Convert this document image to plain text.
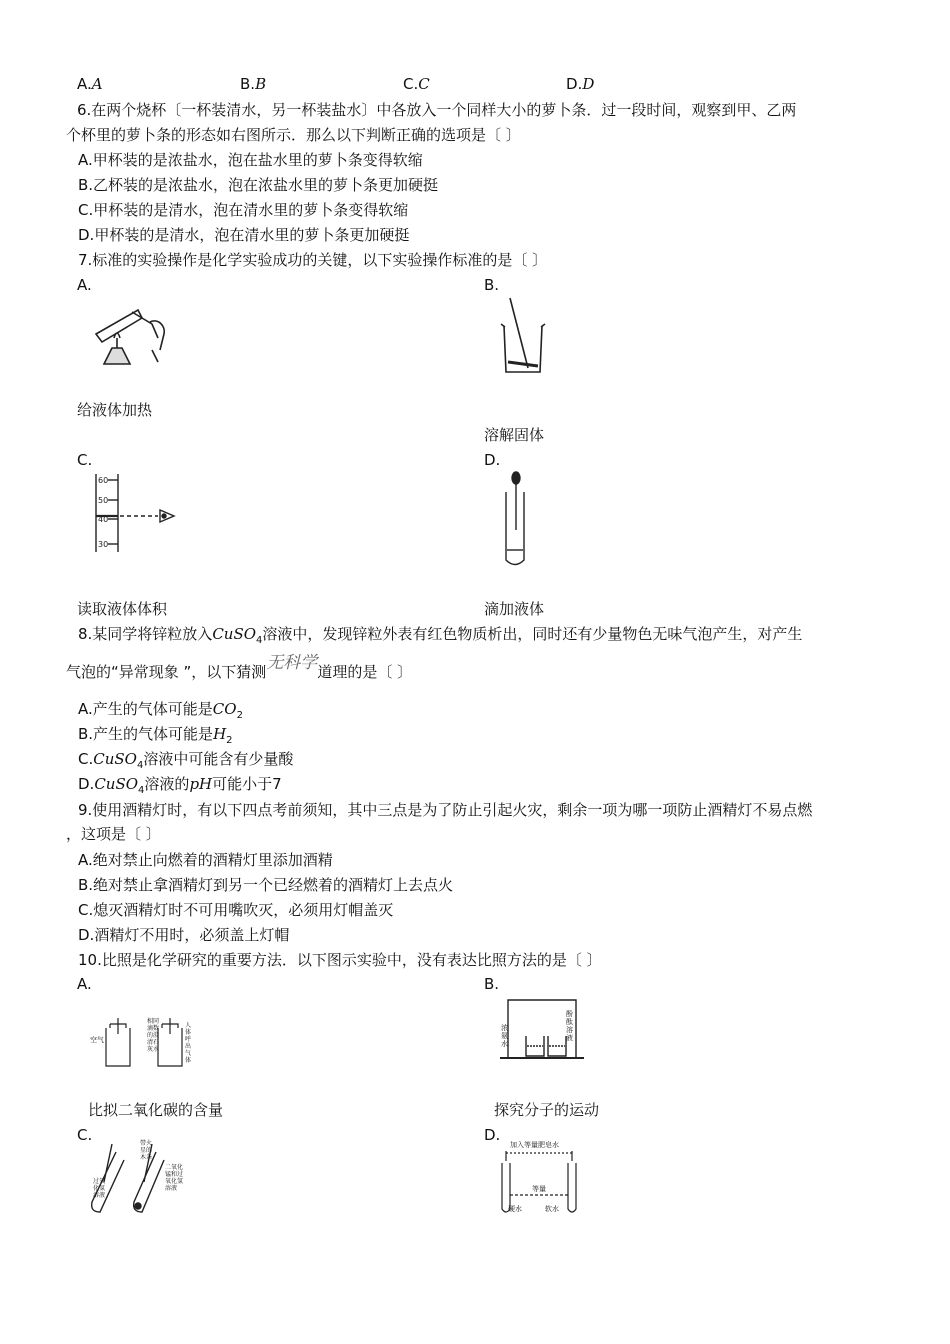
A.A	B.B	C.C	D.D
6.在两个烧杯〔一杯装清水，另一杯装盐水〕中各放入一个同样大小的萝卜条．过一段时间，观察到甲、乙两
个杯里的萝卜条的形态如右图所示．那么以下判断正确的选项是〔 〕
A.甲杯装的是浓盐水，泡在盐水里的萝卜条变得软缩
B.乙杯装的是浓盐水，泡在浓盐水里的萝卜条更加硬挺
C.甲杯装的是清水，泡在清水里的萝卜条变得软缩
D.甲杯装的是清水，泡在清水里的萝卜条更加硬挺
7.标准的实验操作是化学实验成功的关键，以下实验操作标准的是〔 〕
A.	B.
给液体加热
溶解固体
C.	D.
60
50
40
30
读取液体体积	滴加液体
8.某同学将锌粒放入CuSO$_4$溶液中，发现锌粒外表有红色物质析出，同时还有少量物色无味气泡产生，对产生
气泡的“异常现象 ”，以下猜测无科学道理的是〔 〕
A.产生的气体可能是$CO_2$
B.产生的气体可能是$H_2$
C.CuSO$_4$溶液中可能含有少量酸
D.CuSO$_4$溶液的pH可能小于7
9.使用酒精灯时，有以下四点考前须知，其中三点是为了防止引起火灾，剩余一项为哪一项防止酒精灯不易点燃
，这项是〔 〕
A.绝对禁止向燃着的酒精灯里添加酒精
B.绝对禁止拿酒精灯到另一个已经燃着的酒精灯上去点火
C.熄灭酒精灯时不可用嘴吹灭，必须用灯帽盖灭
D.酒精灯不用时，必须盖上灯帽
10.比照是化学研究的重要方法．以下图示实验中，没有表达比照方法的是〔 〕
A.	B.
空气
相同滴数的澄清石灰水
人体呼出气体
比拟二氧化碳的含量
浓氨水
酚酞溶液
探究分子的运动
C.	D.
过氧化氢溶液
二氧化锰和过氧化氢溶液
带火星的木条
加入等量肥皂水
等量
硬水	软水
